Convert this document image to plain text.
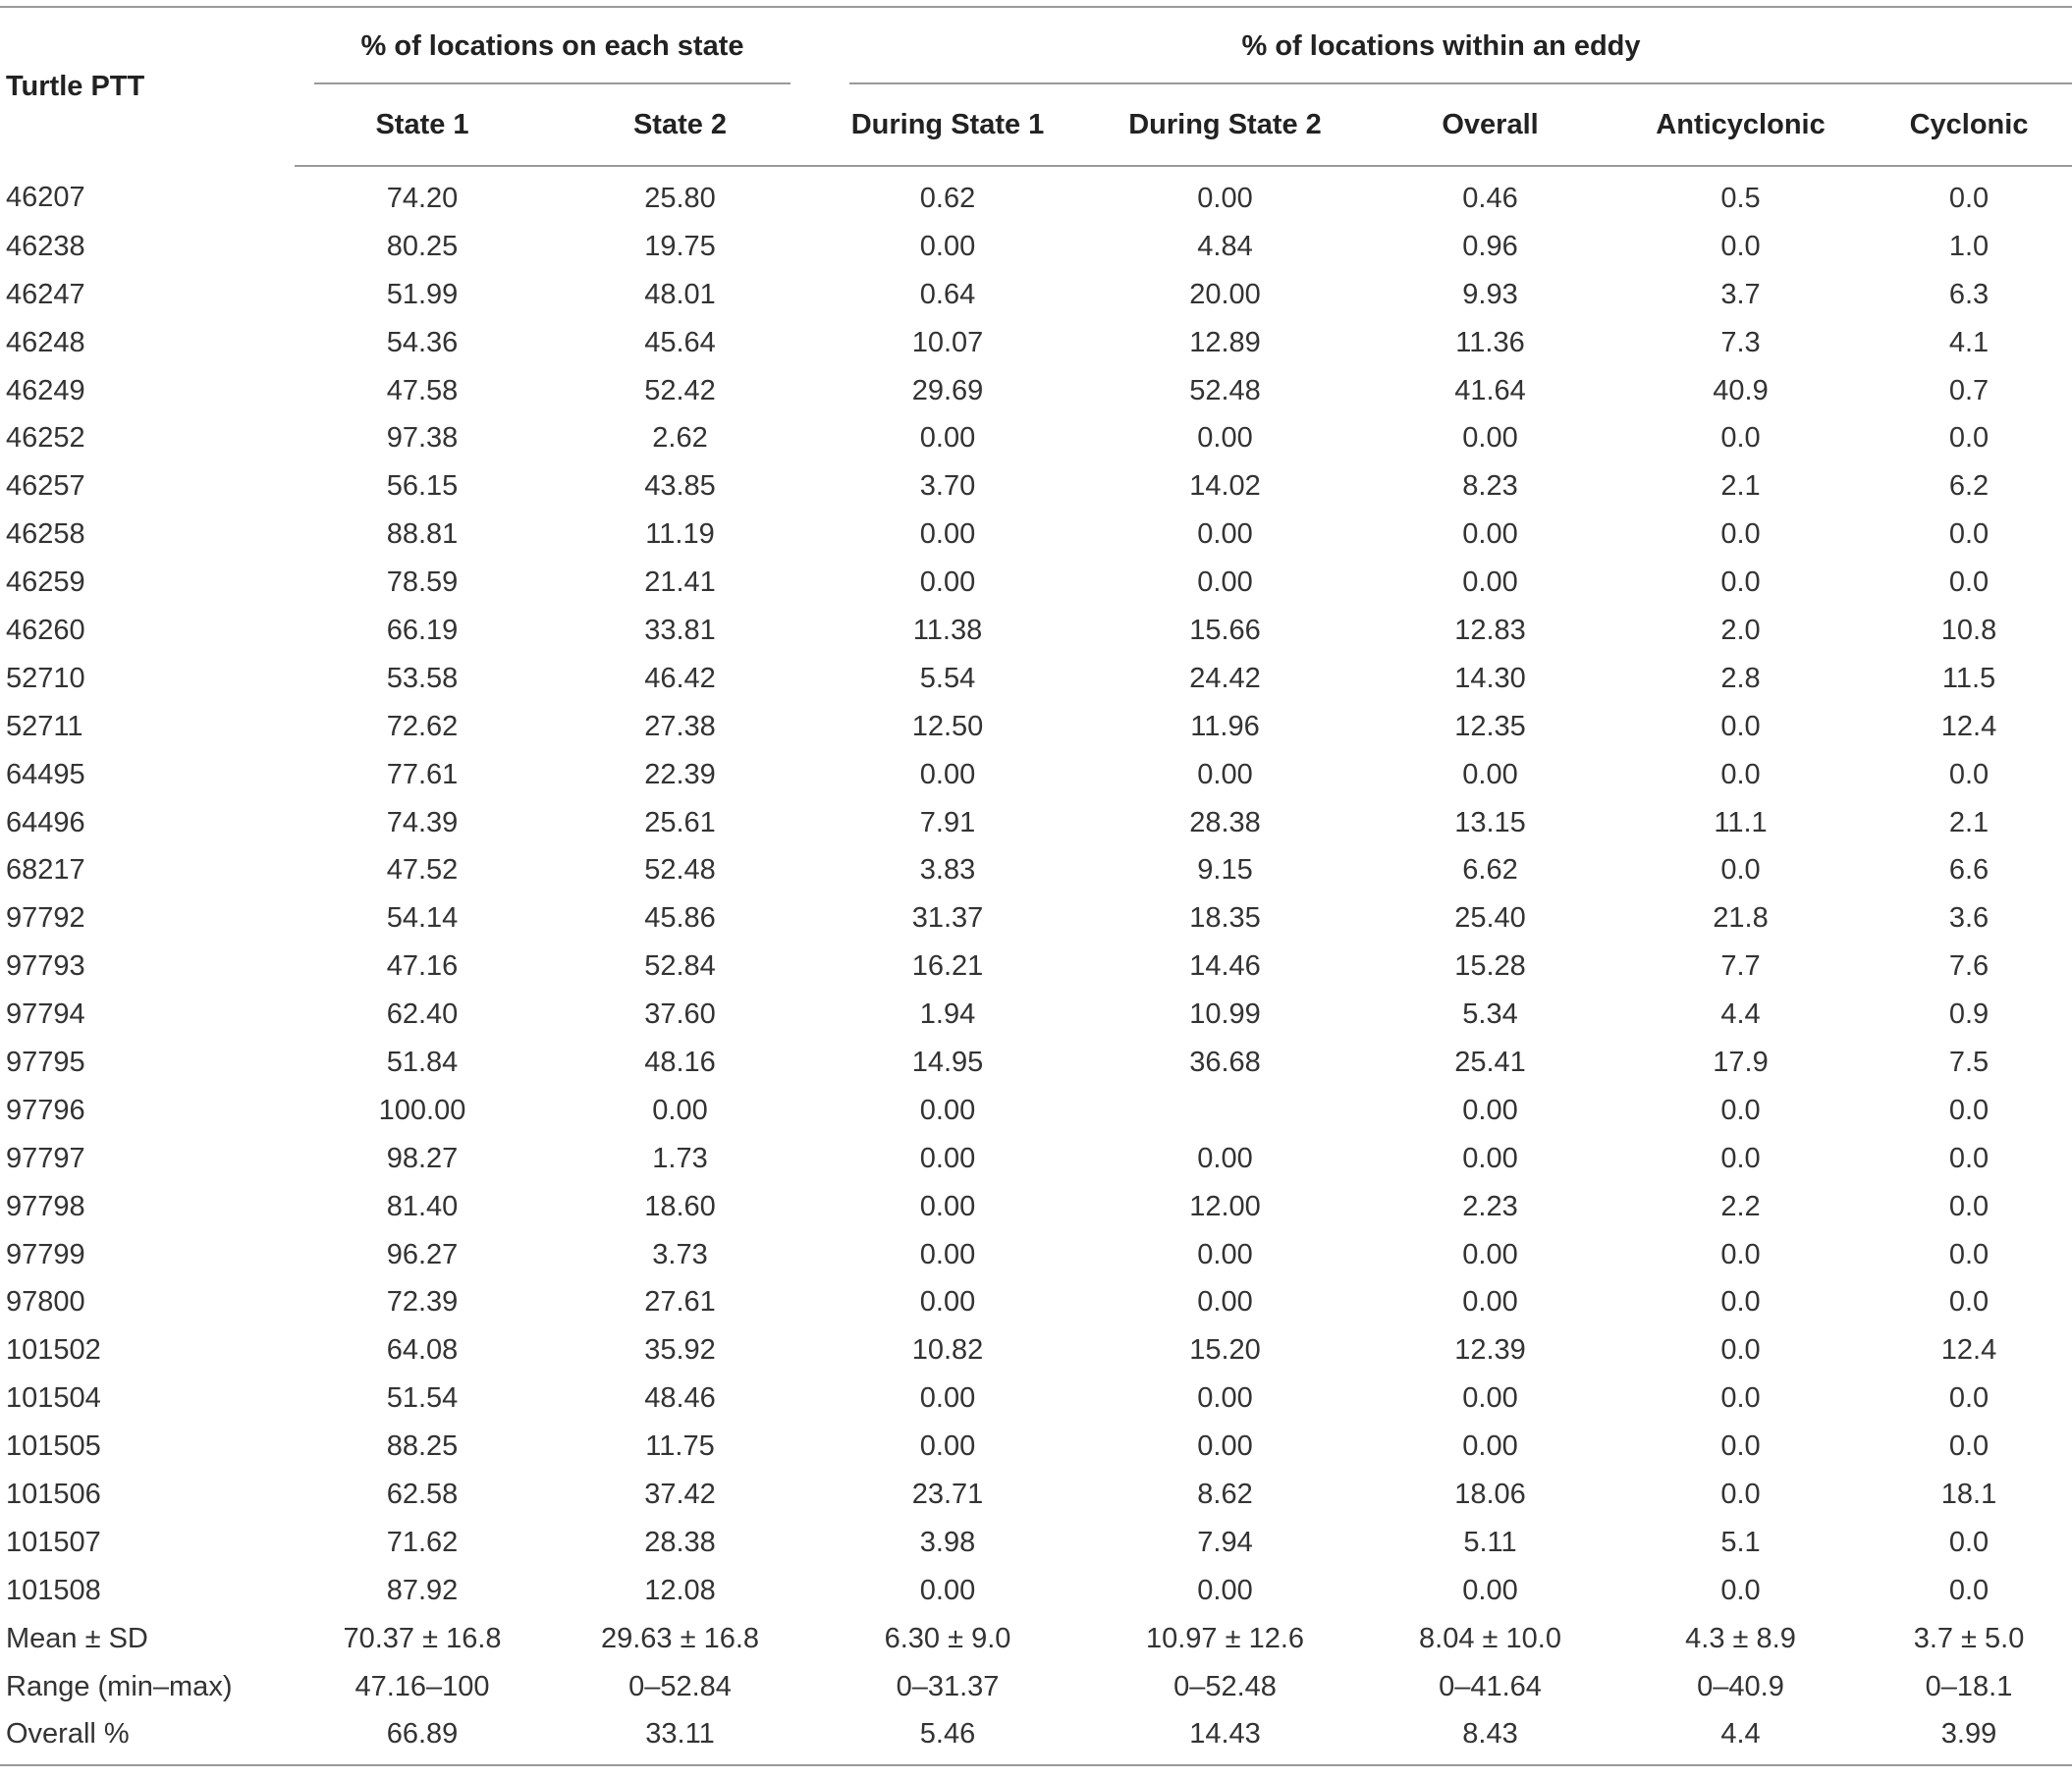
Turtle PTT	% of locations on each state		% of locations within an eddy				

	State 1	State 2	During State 1	During State 2	Overall	Anticyclonic	Cyclonic
46207	74.20	25.80	0.62	0.00	0.46	0.5	0.0
46238	80.25	19.75	0.00	4.84	0.96	0.0	1.0
46247	51.99	48.01	0.64	20.00	9.93	3.7	6.3
46248	54.36	45.64	10.07	12.89	11.36	7.3	4.1
46249	47.58	52.42	29.69	52.48	41.64	40.9	0.7
46252	97.38	2.62	0.00	0.00	0.00	0.0	0.0
46257	56.15	43.85	3.70	14.02	8.23	2.1	6.2
46258	88.81	11.19	0.00	0.00	0.00	0.0	0.0
46259	78.59	21.41	0.00	0.00	0.00	0.0	0.0
46260	66.19	33.81	11.38	15.66	12.83	2.0	10.8
52710	53.58	46.42	5.54	24.42	14.30	2.8	11.5
52711	72.62	27.38	12.50	11.96	12.35	0.0	12.4
64495	77.61	22.39	0.00	0.00	0.00	0.0	0.0
64496	74.39	25.61	7.91	28.38	13.15	11.1	2.1
68217	47.52	52.48	3.83	9.15	6.62	0.0	6.6
97792	54.14	45.86	31.37	18.35	25.40	21.8	3.6
97793	47.16	52.84	16.21	14.46	15.28	7.7	7.6
97794	62.40	37.60	1.94	10.99	5.34	4.4	0.9
97795	51.84	48.16	14.95	36.68	25.41	17.9	7.5
97796	100.00	0.00	0.00		0.00	0.0	0.0
97797	98.27	1.73	0.00	0.00	0.00	0.0	0.0
97798	81.40	18.60	0.00	12.00	2.23	2.2	0.0
97799	96.27	3.73	0.00	0.00	0.00	0.0	0.0
97800	72.39	27.61	0.00	0.00	0.00	0.0	0.0
101502	64.08	35.92	10.82	15.20	12.39	0.0	12.4
101504	51.54	48.46	0.00	0.00	0.00	0.0	0.0
101505	88.25	11.75	0.00	0.00	0.00	0.0	0.0
101506	62.58	37.42	23.71	8.62	18.06	0.0	18.1
101507	71.62	28.38	3.98	7.94	5.11	5.1	0.0
101508	87.92	12.08	0.00	0.00	0.00	0.0	0.0
Mean ± SD	70.37 ± 16.8	29.63 ± 16.8	6.30 ± 9.0	10.97 ± 12.6	8.04 ± 10.0	4.3 ± 8.9	3.7 ± 5.0
Range (min–max)	47.16–100	0–52.84	0–31.37	0–52.48	0–41.64	0–40.9	0–18.1
Overall %	66.89	33.11	5.46	14.43	8.43	4.4	3.99
